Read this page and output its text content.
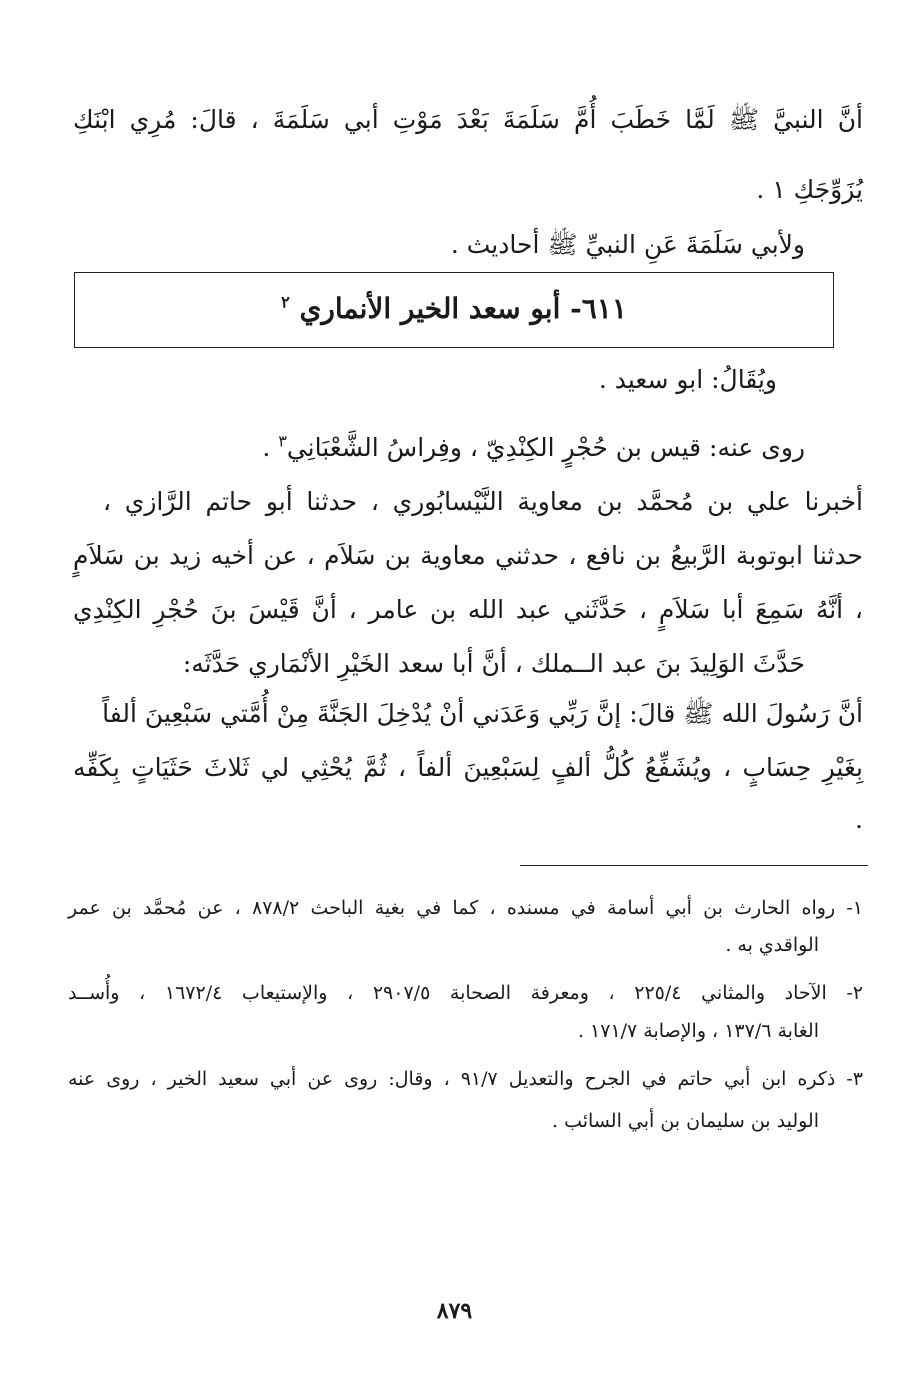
أنَّ النبيَّ ﷺ لَمَّا خَطَبَ أُمَّ سَلَمَةَ بَعْدَ مَوْتِ أبي سَلَمَةَ ، قالَ: مُرِي ابْنَكِ
يُزَوِّجَكِ ١ .
ولأبي سَلَمَةَ عَنِ النبيِّ ﷺ أحاديث .
٦١١- أبو سعد الخير الأنماري $^٢$
ويُقَالُ: ابو سعيد .
روى عنه: قيس بن حُجْرٍ الكِنْدِيّ ، وفِراسُ الشَّعْبَانِي$^٣$ .
أخبرنا علي بن مُحمَّد بن معاوية النَّيْسابُوري ، حدثنا أبو حاتم الرَّازي ،
حدثنا ابوتوبة الرَّبيعُ بن نافع ، حدثني معاوية بن سَلاَم ، عن أخيه زيد بن سَلاَمٍ
، أنَّهُ سَمِعَ أبا سَلاَمٍ ، حَدَّثَني عبد الله بن عامر ، أنَّ قَيْسَ بنَ حُجْرِ الكِنْدِي
حَدَّثَ الوَلِيدَ بنَ عبد الــملك ، أنَّ أبا سعد الخَيْرِ الأنْمَاري حَدَّثَه:
أنَّ رَسُولَ الله ﷺ قالَ: إنَّ رَبِّي وَعَدَني أنْ يُدْخِلَ الجَنَّةَ مِنْ أُمَّتي سَبْعِينَ ألفاً
بِغَيْرِ حِسَابٍ ، ويُشَفِّعُ كُلُّ ألفٍ لِسَبْعِينَ ألفاً ، ثُمَّ يُحْثِي لي ثَلاثَ حَثَيَاتٍ بِكَفِّه
.
١- رواه الحارث بن أبي أسامة في مسنده ، كما في بغية الباحث ٨٧٨/٢ ، عن مُحمَّد بن عمر
الواقدي به .
٢- الآحاد والمثاني ٢٢٥/٤ ، ومعرفة الصحابة ٢٩٠٧/٥ ، والإستيعاب ١٦٧٢/٤ ، وأُســد
الغابة ١٣٧/٦ ، والإصابة ١٧١/٧ .
٣- ذكره ابن أبي حاتم في الجرح والتعديل ٩١/٧ ، وقال: روى عن أبي سعيد الخير ، روى عنه
الوليد بن سليمان بن أبي السائب .
٨٧٩
